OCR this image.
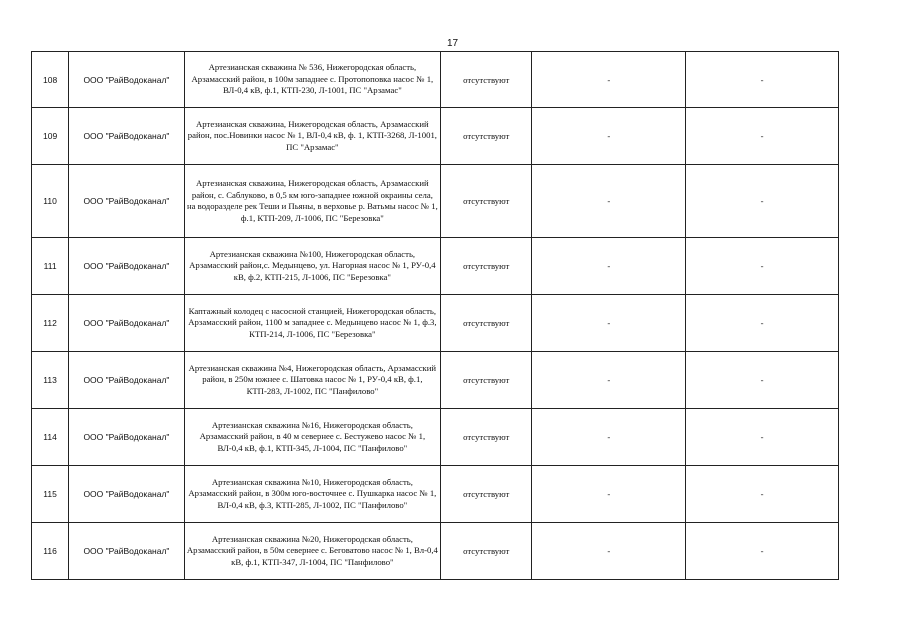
17
108	ООО "РайВодоканал"	Артезианская скважина № 536, Нижегородская область, Арзамасский район, в 100м западнее с. Протопоповка насос № 1, ВЛ-0,4 кВ, ф.1, КТП-230, Л-1001, ПС "Арзамас"	отсутствуют	-	-
109	ООО "РайВодоканал"	Артезианская скважина, Нижегородская область, Арзамасский район, пос.Новинки насос № 1, ВЛ-0,4 кВ, ф. 1, КТП-3268, Л-1001, ПС "Арзамас"	отсутствуют	-	-
110	ООО "РайВодоканал"	Артезианская скважина, Нижегородская область, Арзамасский район, с. Саблуково, в 0,5 км юго-западнее южной окраины села, на водоразделе рек Теши и Пьяны, в верховье р. Ватьмы насос № 1, ф.1, КТП-209, Л-1006, ПС "Березовка"	отсутствуют	-	-
111	ООО "РайВодоканал"	Артезианская скважина №100, Нижегородская область, Арзамасский район,с. Медынцево, ул. Нагорная насос № 1, РУ-0,4 кВ, ф.2, КТП-215, Л-1006, ПС "Березовка"	отсутствуют	-	-
112	ООО "РайВодоканал"	Каптажный колодец с насосной станцией, Нижегородская область, Арзамасский район, 1100 м западнее с. Медынцево насос № 1, ф.3, КТП-214, Л-1006, ПС "Березовка"	отсутствуют	-	-
113	ООО "РайВодоканал"	Артезианская скважина №4, Нижегородская область, Арзамасский район, в 250м южнее с. Шатовка насос № 1, РУ-0,4 кВ, ф.1, КТП-283, Л-1002, ПС "Панфилово"	отсутствуют	-	-
114	ООО "РайВодоканал"	Артезианская скважина №16, Нижегородская область, Арзамасский район, в 40 м севернее с. Бестужево насос № 1, ВЛ-0,4 кВ, ф.1, КТП-345, Л-1004, ПС "Панфилово"	отсутствуют	-	-
115	ООО "РайВодоканал"	Артезианская скважина №10, Нижегородская область, Арзамасский район, в 300м юго-восточнее с. Пушкарка насос № 1, ВЛ-0,4 кВ, ф.3, КТП-285, Л-1002, ПС "Панфилово"	отсутствуют	-	-
116	ООО "РайВодоканал"	Артезианская скважина №20, Нижегородская область, Арзамасский район, в 50м севернее с. Беговатово насос № 1, Вл-0,4 кВ, ф.1, КТП-347, Л-1004, ПС "Панфилово"	отсутствуют	-	-
